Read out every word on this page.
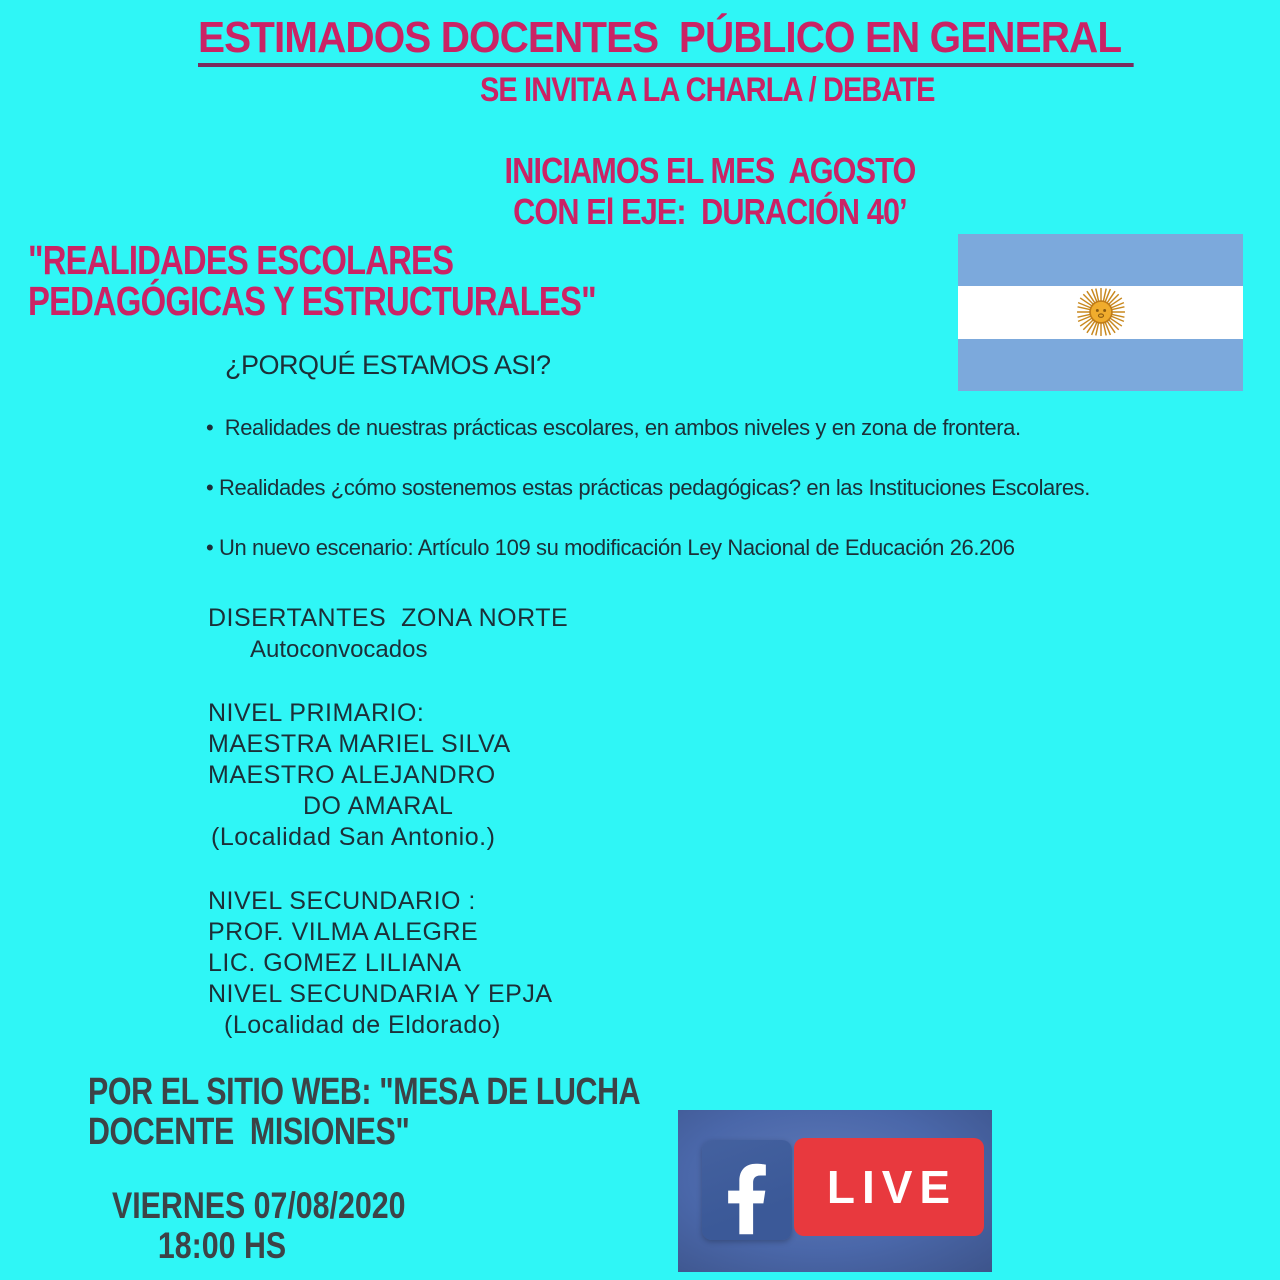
ESTIMADOS DOCENTES  PÚBLICO EN GENERAL
SE INVITA A LA CHARLA / DEBATE
INICIAMOS EL MES  AGOSTO
CON El EJE:  DURACIÓN 40’
"REALIDADES ESCOLARES
PEDAGÓGICAS Y ESTRUCTURALES"
¿PORQUÉ ESTAMOS ASI?

•  Realidades de nuestras prácticas escolares, en ambos niveles y en zona de frontera.

• Realidades ¿cómo sostenemos estas prácticas pedagógicas? en las Instituciones Escolares.

• Un nuevo escenario: Artículo 109 su modificación Ley Nacional de Educación 26.206

DISERTANTES  ZONA NORTE
Autoconvocados
NIVEL PRIMARIO:
MAESTRA MARIEL SILVA
MAESTRO ALEJANDRO
DO AMARAL
(Localidad San Antonio.)
NIVEL SECUNDARIO :
PROF. VILMA ALEGRE
LIC. GOMEZ LILIANA
NIVEL SECUNDARIA Y EPJA
(Localidad de Eldorado)
POR EL SITIO WEB: "MESA DE LUCHA
DOCENTE  MISIONES"
VIERNES 07/08/2020
18:00 HS
LIVE
